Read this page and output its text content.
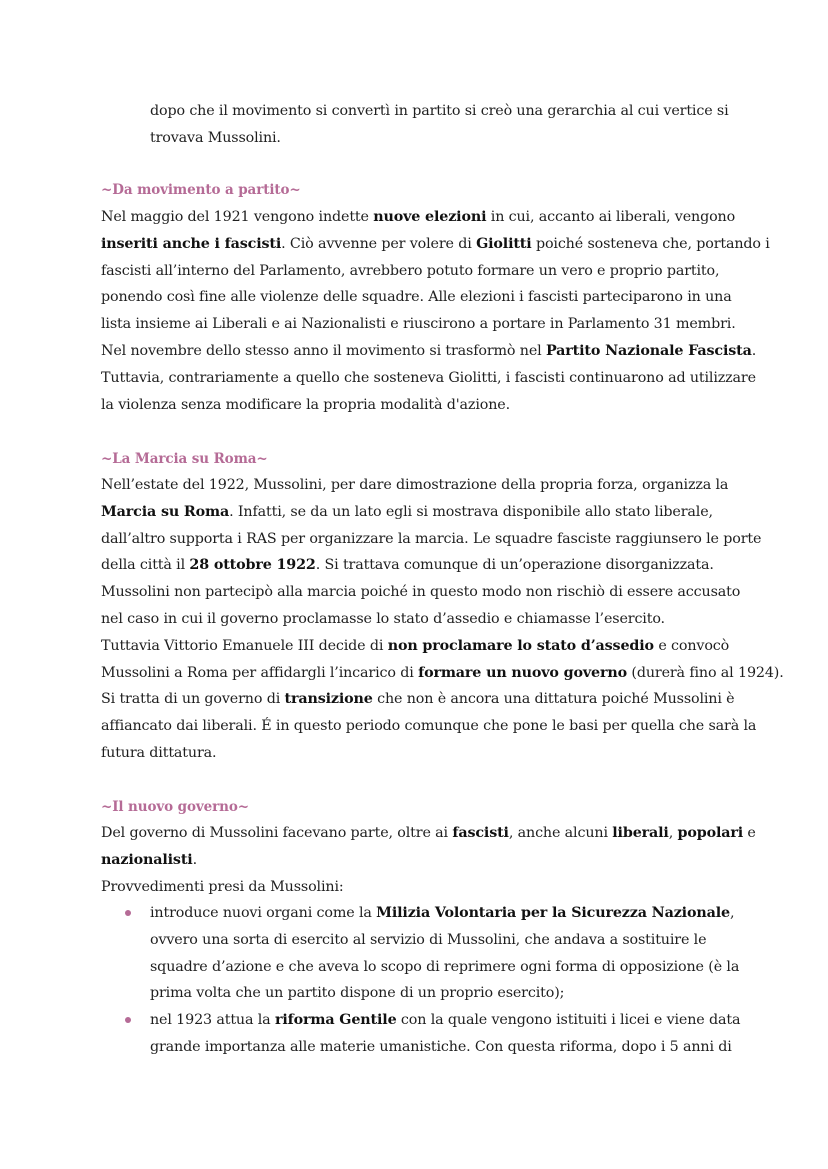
dopo che il movimento si convertì in partito si creò una gerarchia al cui vertice si
trovava Mussolini.
~Da movimento a partito~
Nel maggio del 1921 vengono indette nuove elezioni in cui, accanto ai liberali, vengono
inseriti anche i fascisti. Ciò avvenne per volere di Giolitti poiché sosteneva che, portando i
fascisti all’interno del Parlamento, avrebbero potuto formare un vero e proprio partito,
ponendo così fine alle violenze delle squadre. Alle elezioni i fascisti parteciparono in una
lista insieme ai Liberali e ai Nazionalisti e riuscirono a portare in Parlamento 31 membri.
Nel novembre dello stesso anno il movimento si trasformò nel Partito Nazionale Fascista.
Tuttavia, contrariamente a quello che sosteneva Giolitti, i fascisti continuarono ad utilizzare
la violenza senza modificare la propria modalità d'azione.
~La Marcia su Roma~
Nell’estate del 1922, Mussolini, per dare dimostrazione della propria forza, organizza la
Marcia su Roma. Infatti, se da un lato egli si mostrava disponibile allo stato liberale,
dall’altro supporta i RAS per organizzare la marcia. Le squadre fasciste raggiunsero le porte
della città il 28 ottobre 1922. Si trattava comunque di un’operazione disorganizzata.
Mussolini non partecipò alla marcia poiché in questo modo non rischiò di essere accusato
nel caso in cui il governo proclamasse lo stato d’assedio e chiamasse l’esercito.
Tuttavia Vittorio Emanuele III decide di non proclamare lo stato d’assedio e convocò
Mussolini a Roma per affidargli l’incarico di formare un nuovo governo (durerà fino al 1924).
Si tratta di un governo di transizione che non è ancora una dittatura poiché Mussolini è
affiancato dai liberali. É in questo periodo comunque che pone le basi per quella che sarà la
futura dittatura.
~Il nuovo governo~
Del governo di Mussolini facevano parte, oltre ai fascisti, anche alcuni liberali, popolari e
nazionalisti.
Provvedimenti presi da Mussolini:
introduce nuovi organi come la Milizia Volontaria per la Sicurezza Nazionale,
ovvero una sorta di esercito al servizio di Mussolini, che andava a sostituire le
squadre d’azione e che aveva lo scopo di reprimere ogni forma di opposizione (è la
prima volta che un partito dispone di un proprio esercito);
nel 1923 attua la riforma Gentile con la quale vengono istituiti i licei e viene data
grande importanza alle materie umanistiche. Con questa riforma, dopo i 5 anni di
